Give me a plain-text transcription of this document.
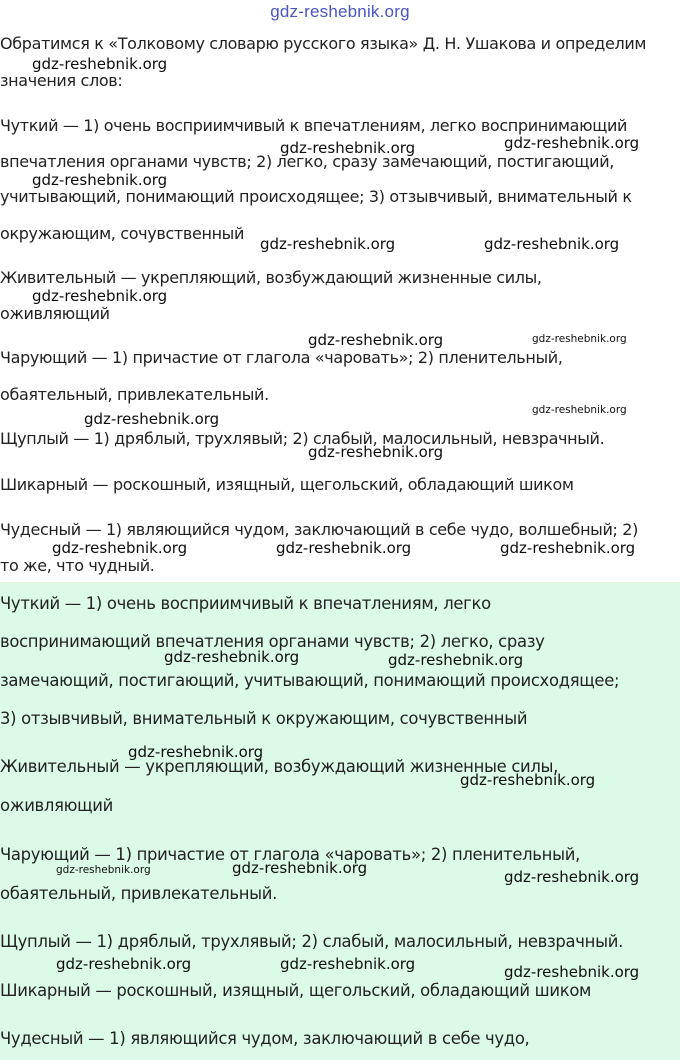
gdz-reshebnik.org
Обратимся к «Толковому словарю русского языка» Д. Н. Ушакова и определим
значения слов:
Чуткий — 1) очень восприимчивый к впечатлениям, легко воспринимающий
впечатления органами чувств; 2) легко, сразу замечающий, постигающий,
учитывающий, понимающий происходящее; 3) отзывчивый, внимательный к
окружающим, сочувственный
Живительный — укрепляющий, возбуждающий жизненные силы,
оживляющий
Чарующий — 1) причастие от глагола «чаровать»; 2) пленительный,
обаятельный, привлекательный.
Щуплый — 1) дряблый, трухлявый; 2) слабый, малосильный, невзрачный.
Шикарный — роскошный, изящный, щегольский, обладающий шиком
Чудесный — 1) являющийся чудом, заключающий в себе чудо, волшебный; 2)
то же, что чудный.
Чуткий — 1) очень восприимчивый к впечатлениям, легко
воспринимающий впечатления органами чувств; 2) легко, сразу
замечающий, постигающий, учитывающий, понимающий происходящее;
3) отзывчивый, внимательный к окружающим, сочувственный
Живительный — укрепляющий, возбуждающий жизненные силы,
оживляющий
Чарующий — 1) причастие от глагола «чаровать»; 2) пленительный,
обаятельный, привлекательный.
Щуплый — 1) дряблый, трухлявый; 2) слабый, малосильный, невзрачный.
Шикарный — роскошный, изящный, щегольский, обладающий шиком
Чудесный — 1) являющийся чудом, заключающий в себе чудо,
gdz-reshebnik.org
gdz-reshebnik.org	gdz-reshebnik.org
gdz-reshebnik.org
gdz-reshebnik.org	gdz-reshebnik.org
gdz-reshebnik.org
gdz-reshebnik.org	gdz-reshebnik.org
gdz-reshebnik.org
gdz-reshebnik.org
gdz-reshebnik.org
gdz-reshebnik.org	gdz-reshebnik.org	gdz-reshebnik.org
gdz-reshebnik.org	gdz-reshebnik.org
gdz-reshebnik.org
gdz-reshebnik.org
gdz-reshebnik.org	gdz-reshebnik.org	gdz-reshebnik.org
gdz-reshebnik.org	gdz-reshebnik.org	gdz-reshebnik.org
